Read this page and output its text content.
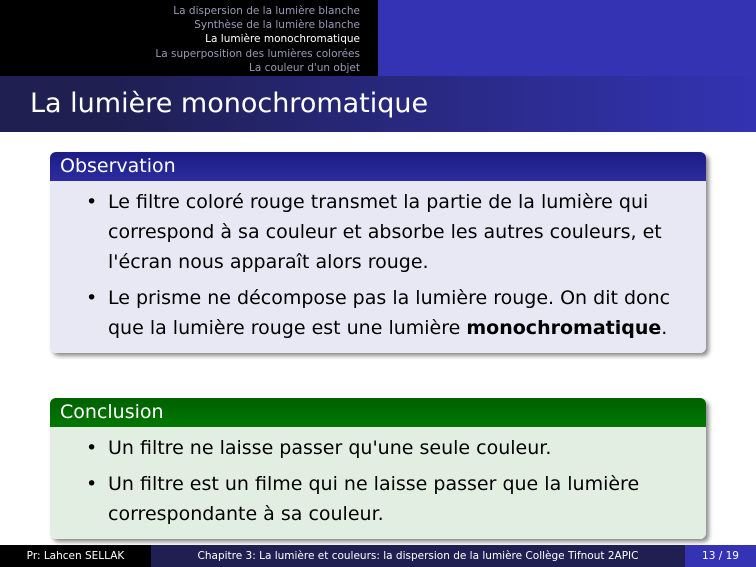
La dispersion de la lumière blanche
Synthèse de la lumière blanche
La lumière monochromatique
La superposition des lumières colorées
La couleur d'un objet
La lumière monochromatique
Observation
• Le filtre coloré rouge transmet la partie de la lumière qui correspond à sa couleur et absorbe les autres couleurs, et l'écran nous apparaît alors rouge.
• Le prisme ne décompose pas la lumière rouge. On dit donc que la lumière rouge est une lumière monochromatique.
Conclusion
• Un filtre ne laisse passer qu'une seule couleur.
• Un filtre est un filme qui ne laisse passer que la lumière correspondante à sa couleur.
Pr: Lahcen SELLAK	Chapitre 3: La lumière et couleurs: la dispersion de la lumière Collège Tifnout 2APIC	13 / 19
